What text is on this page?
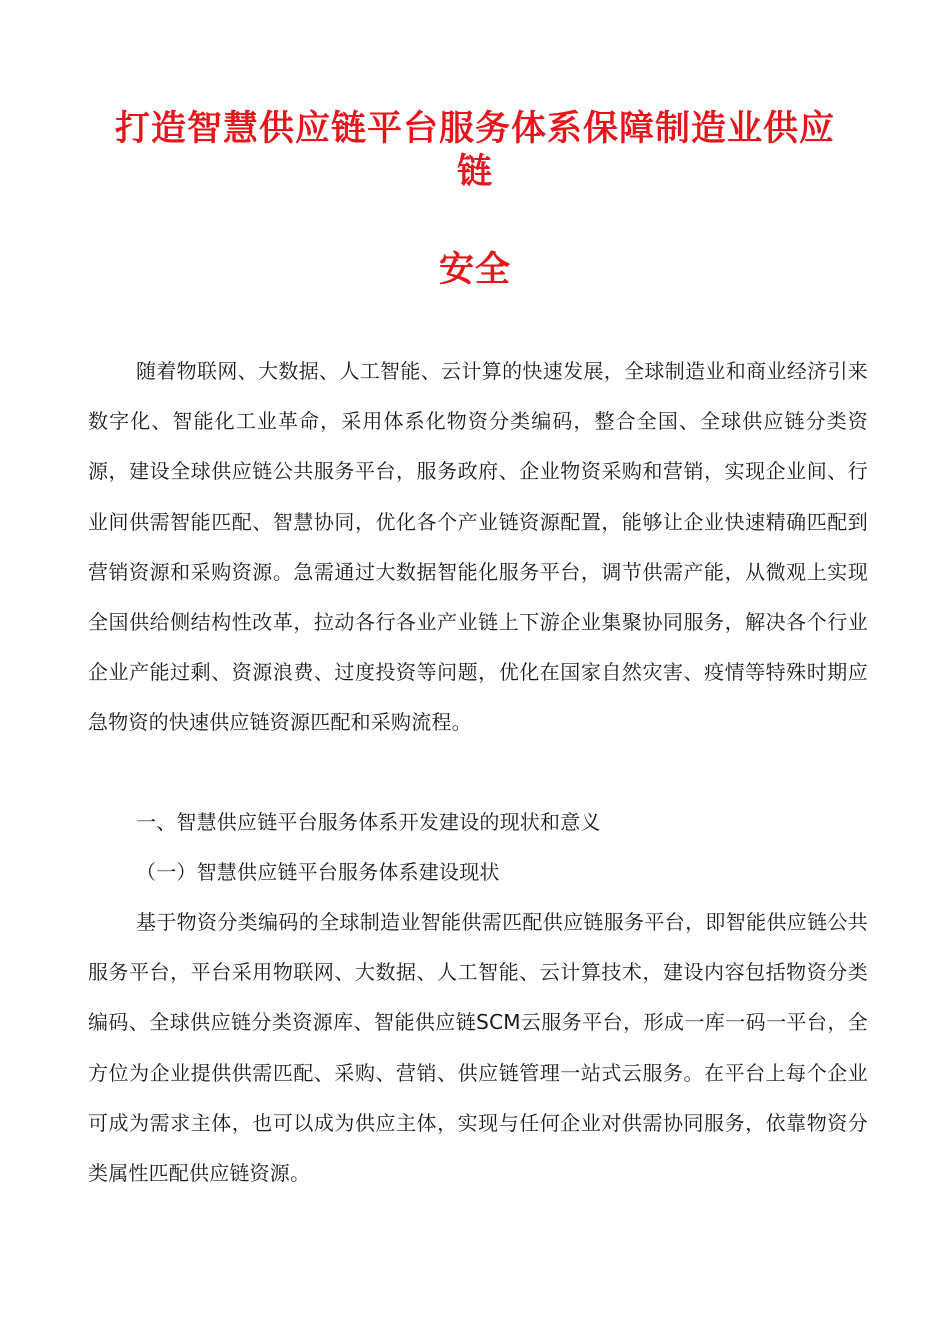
打造智慧供应链平台服务体系保障制造业供应
链
安全

随着物联网、大数据、人工智能、云计算的快速发展，全球制造业和商业经济引来数字化、智能化工业革命，采用体系化物资分类编码，整合全国、全球供应链分类资源，建设全球供应链公共服务平台，服务政府、企业物资采购和营销，实现企业间、行业间供需智能匹配、智慧协同，优化各个产业链资源配置，能够让企业快速精确匹配到营销资源和采购资源。急需通过大数据智能化服务平台，调节供需产能，从微观上实现全国供给侧结构性改革，拉动各行各业产业链上下游企业集聚协同服务，解决各个行业企业产能过剩、资源浪费、过度投资等问题，优化在国家自然灾害、疫情等特殊时期应急物资的快速供应链资源匹配和采购流程。

一、智慧供应链平台服务体系开发建设的现状和意义

（一）智慧供应链平台服务体系建设现状

基于物资分类编码的全球制造业智能供需匹配供应链服务平台，即智能供应链公共服务平台，平台采用物联网、大数据、人工智能、云计算技术，建设内容包括物资分类编码、全球供应链分类资源库、智能供应链SCM云服务平台，形成一库一码一平台，全方位为企业提供供需匹配、采购、营销、供应链管理一站式云服务。在平台上每个企业可成为需求主体，也可以成为供应主体，实现与任何企业对供需协同服务，依靠物资分类属性匹配供应链资源。
